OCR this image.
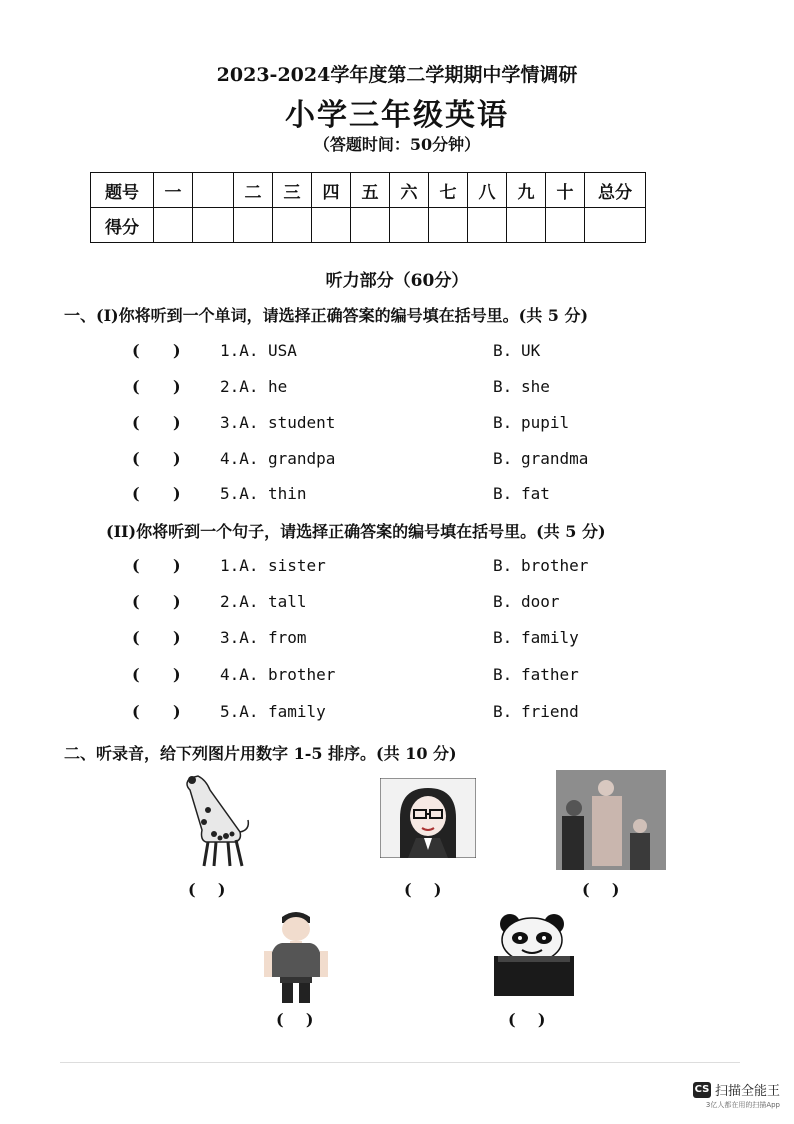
2023-2024学年度第二学期期中学情调研
小学三年级英语
（答题时间：50分钟）
题号	一		二	三	四	五	六	七	八	九	十	总分
得分												
听力部分（60分）
一、(I)你将听到一个单词，请选择正确答案的编号填在括号里。(共 5 分)
(      ) 1.A. USA	B. UK
(      ) 2.A. he	B. she
(      ) 3.A. student	B. pupil
(      ) 4.A. grandpa	B. grandma
(      ) 5.A. thin	B. fat
(II)你将听到一个句子，请选择正确答案的编号填在括号里。(共 5 分)
(      ) 1.A. sister	B. brother
(      ) 2.A. tall	B. door
(      ) 3.A. from	B. family
(      ) 4.A. brother	B. father
(      ) 5.A. family	B. friend
二、听录音，给下列图片用数字 1-5 排序。(共 10 分)
(    )	(    )	(    )
(    )	(    )
CS 扫描全能王
3亿人都在用的扫描App
